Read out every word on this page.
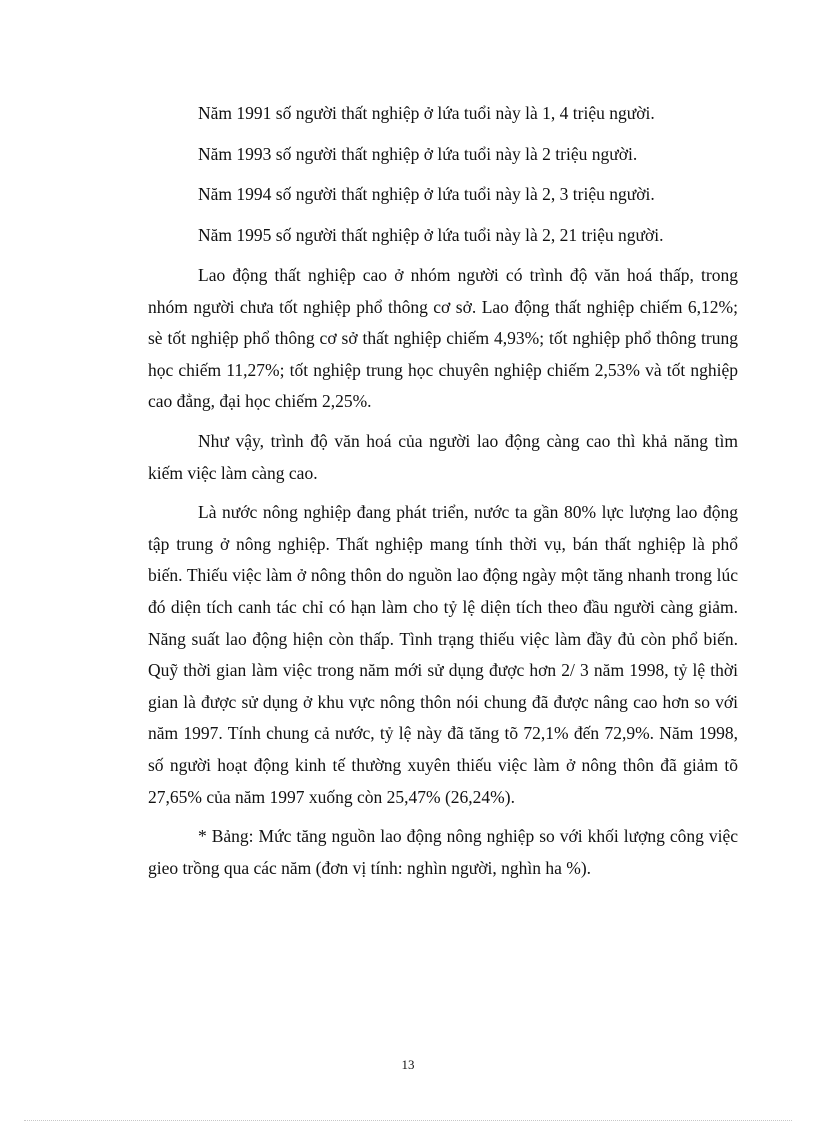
Năm 1991 số người thất nghiệp ở lứa tuổi này là 1, 4 triệu người.

Năm 1993 số người thất nghiệp ở lứa tuổi này là 2 triệu người.

Năm 1994 số người thất nghiệp ở lứa tuổi này là 2, 3 triệu người.

Năm 1995 số người thất nghiệp ở lứa tuổi này là 2, 21 triệu người.

Lao động thất nghiệp cao ở nhóm người có trình độ văn hoá thấp, trong nhóm người chưa tốt nghiệp phổ thông cơ sở. Lao động thất nghiệp chiếm 6,12%; sè tốt nghiệp phổ thông cơ sở thất nghiệp chiếm 4,93%; tốt nghiệp phổ thông trung học chiếm 11,27%; tốt nghiệp trung học chuyên nghiệp chiếm 2,53% và tốt nghiệp cao đẳng, đại học chiếm 2,25%.

Như vậy, trình độ văn hoá của người lao động càng cao thì khả năng tìm kiếm việc làm càng cao.

Là nước nông nghiệp đang phát triển, nước ta gần 80% lực lượng lao động tập trung ở nông nghiệp. Thất nghiệp mang tính thời vụ, bán thất nghiệp là phổ biến. Thiếu việc làm ở nông thôn do nguồn lao động ngày một tăng nhanh trong lúc đó diện tích canh tác chỉ có hạn làm cho tỷ lệ diện tích theo đầu người càng giảm. Năng suất lao động hiện còn thấp. Tình trạng thiếu việc làm đầy đủ còn phổ biến. Quỹ thời gian làm việc trong năm mới sử dụng được hơn 2/ 3 năm 1998, tỷ lệ thời gian là được sử dụng ở khu vực nông thôn nói chung đã được nâng cao hơn so với năm 1997. Tính chung cả nước, tỷ lệ này đã tăng tõ 72,1% đến 72,9%. Năm 1998, số người hoạt động kinh tế thường xuyên thiếu việc làm ở nông thôn đã giảm tõ 27,65% của năm 1997 xuống còn 25,47% (26,24%).

* Bảng: Mức tăng nguồn lao động nông nghiệp so với khối lượng công việc gieo trồng qua các năm (đơn vị tính: nghìn người, nghìn ha %).

13
